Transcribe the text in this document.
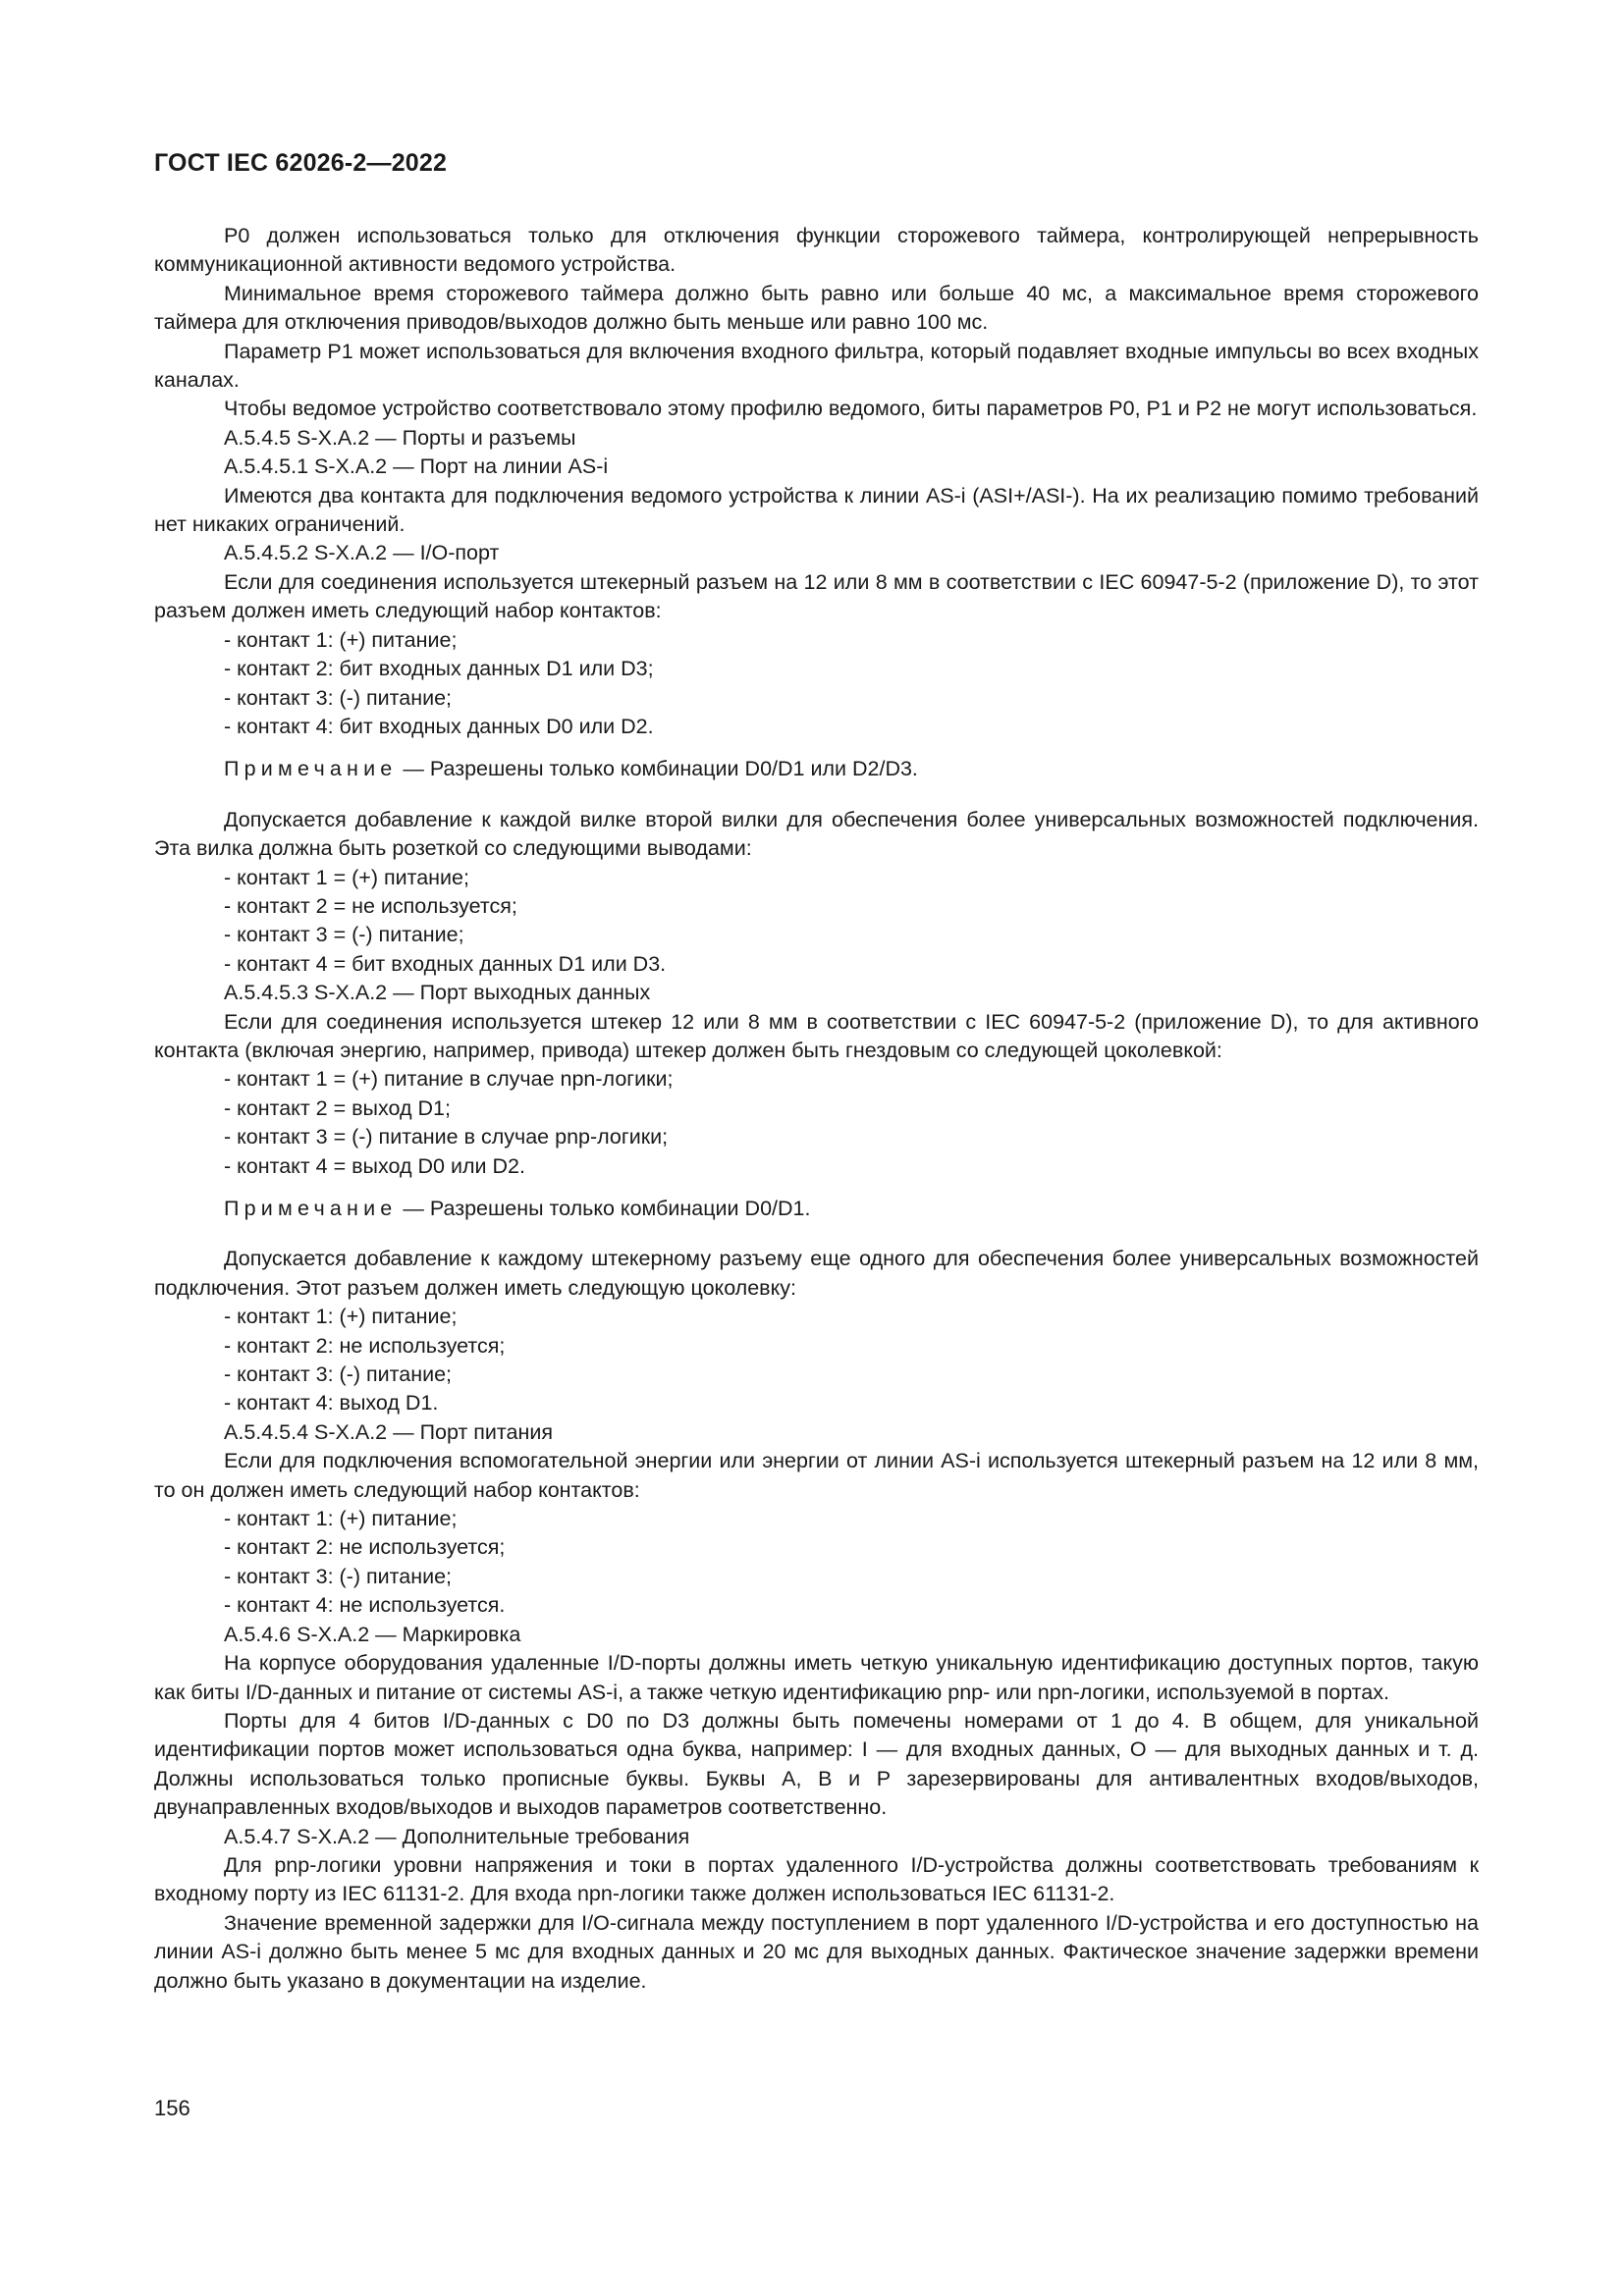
ГОСТ IEC 62026-2—2022

P0 должен использоваться только для отключения функции сторожевого таймера, контролирующей непрерывность коммуникационной активности ведомого устройства.

Минимальное время сторожевого таймера должно быть равно или больше 40 мс, а максимальное время сторожевого таймера для отключения приводов/выходов должно быть меньше или равно 100 мс.

Параметр P1 может использоваться для включения входного фильтра, который подавляет входные импульсы во всех входных каналах.

Чтобы ведомое устройство соответствовало этому профилю ведомого, биты параметров P0, P1 и P2 не могут использоваться.

A.5.4.5 S-X.A.2 — Порты и разъемы

A.5.4.5.1 S-X.A.2 — Порт на линии AS-i

Имеются два контакта для подключения ведомого устройства к линии AS-i (ASI+/ASI-). На их реализацию помимо требований нет никаких ограничений.

A.5.4.5.2 S-X.A.2 — I/O-порт

Если для соединения используется штекерный разъем на 12 или 8 мм в соответствии с IEC 60947-5-2 (приложение D), то этот разъем должен иметь следующий набор контактов:

- контакт 1: (+) питание;

- контакт 2: бит входных данных D1 или D3;

- контакт 3: (-) питание;

- контакт 4: бит входных данных D0 или D2.

Примечание — Разрешены только комбинации D0/D1 или D2/D3.

Допускается добавление к каждой вилке второй вилки для обеспечения более универсальных возможностей подключения. Эта вилка должна быть розеткой со следующими выводами:

- контакт 1 = (+) питание;

- контакт 2 = не используется;

- контакт 3 = (-) питание;

- контакт 4 = бит входных данных D1 или D3.

A.5.4.5.3 S-X.A.2 — Порт выходных данных

Если для соединения используется штекер 12 или 8 мм в соответствии с IEC 60947-5-2 (приложение D), то для активного контакта (включая энергию, например, привода) штекер должен быть гнездовым со следующей цоколевкой:

- контакт 1 = (+) питание в случае npn-логики;

- контакт 2 = выход D1;

- контакт 3 = (-) питание в случае pnp-логики;

- контакт 4 = выход D0 или D2.

Примечание — Разрешены только комбинации D0/D1.

Допускается добавление к каждому штекерному разъему еще одного для обеспечения более универсальных возможностей подключения. Этот разъем должен иметь следующую цоколевку:

- контакт 1: (+) питание;

- контакт 2: не используется;

- контакт 3: (-) питание;

- контакт 4: выход D1.

A.5.4.5.4 S-X.A.2 — Порт питания

Если для подключения вспомогательной энергии или энергии от линии AS-i используется штекерный разъем на 12 или 8 мм, то он должен иметь следующий набор контактов:

- контакт 1: (+) питание;

- контакт 2: не используется;

- контакт 3: (-) питание;

- контакт 4: не используется.

A.5.4.6 S-X.A.2 — Маркировка

На корпусе оборудования удаленные I/D-порты должны иметь четкую уникальную идентификацию доступных портов, такую как биты I/D-данных и питание от системы AS-i, а также четкую идентификацию pnp- или npn-логики, используемой в портах.

Порты для 4 битов I/D-данных с D0 по D3 должны быть помечены номерами от 1 до 4. В общем, для уникальной идентификации портов может использоваться одна буква, например: I — для входных данных, O — для выходных данных и т. д. Должны использоваться только прописные буквы. Буквы A, B и P зарезервированы для антивалентных входов/выходов, двунаправленных входов/выходов и выходов параметров соответственно.

A.5.4.7 S-X.A.2 — Дополнительные требования

Для pnp-логики уровни напряжения и токи в портах удаленного I/D-устройства должны соответствовать требованиям к входному порту из IEC 61131-2. Для входа npn-логики также должен использоваться IEC 61131-2.

Значение временной задержки для I/O-сигнала между поступлением в порт удаленного I/D-устройства и его доступностью на линии AS-i должно быть менее 5 мс для входных данных и 20 мс для выходных данных. Фактическое значение задержки времени должно быть указано в документации на изделие.

156
